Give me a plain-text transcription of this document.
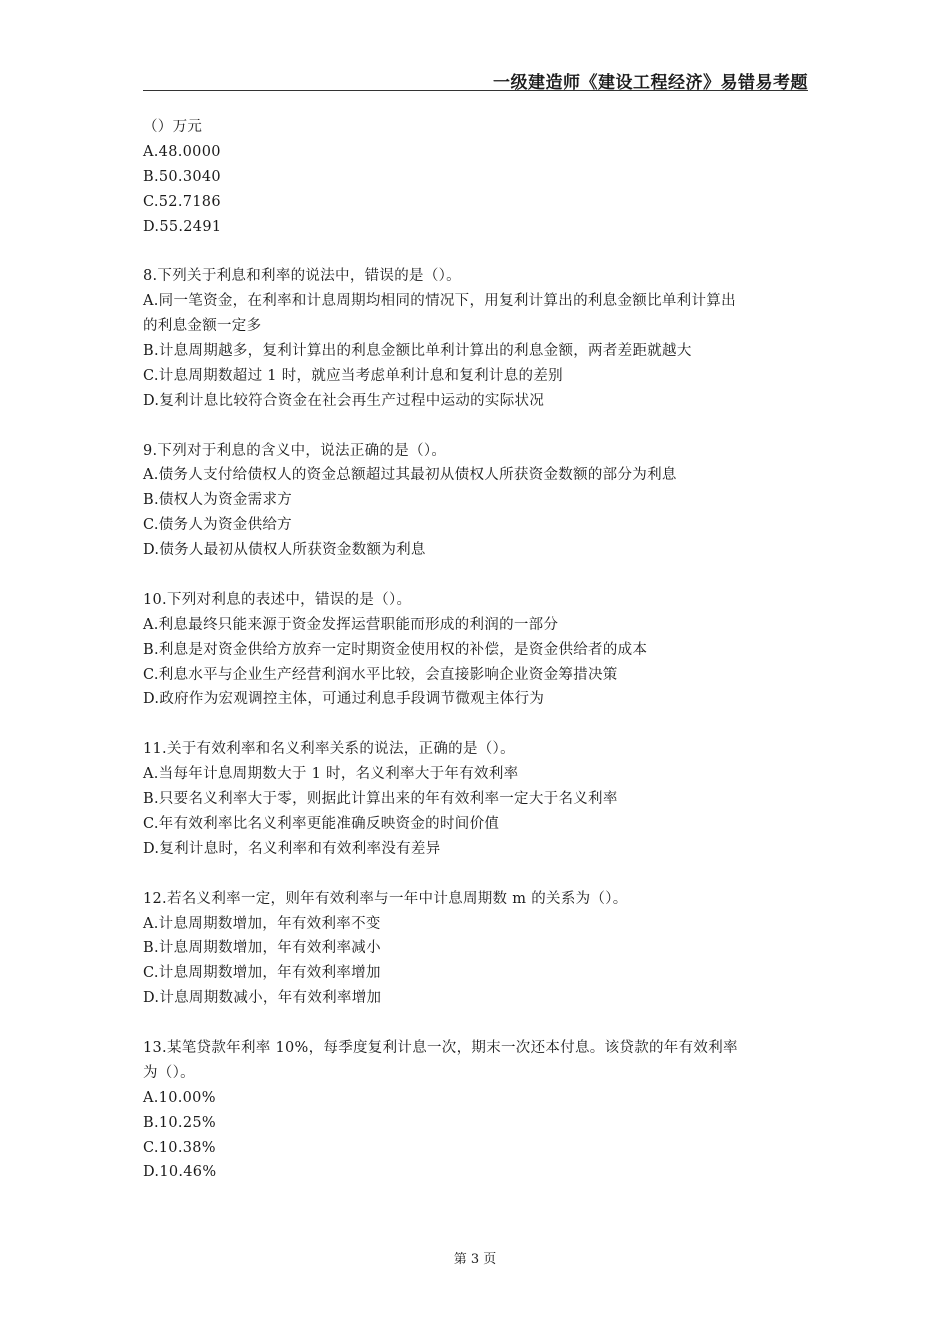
一级建造师《建设工程经济》易错易考题
（）万元
A.48.0000
B.50.3040
C.52.7186
D.55.2491
8.下列关于利息和利率的说法中，错误的是（）。
A.同一笔资金，在利率和计息周期均相同的情况下，用复利计算出的利息金额比单利计算出
的利息金额一定多
B.计息周期越多，复利计算出的利息金额比单利计算出的利息金额，两者差距就越大
C.计息周期数超过 1 时，就应当考虑单利计息和复利计息的差别
D.复利计息比较符合资金在社会再生产过程中运动的实际状况
9.下列对于利息的含义中，说法正确的是（）。
A.债务人支付给债权人的资金总额超过其最初从债权人所获资金数额的部分为利息
B.债权人为资金需求方
C.债务人为资金供给方
D.债务人最初从债权人所获资金数额为利息
10.下列对利息的表述中，错误的是（）。
A.利息最终只能来源于资金发挥运营职能而形成的利润的一部分
B.利息是对资金供给方放弃一定时期资金使用权的补偿，是资金供给者的成本
C.利息水平与企业生产经营利润水平比较，会直接影响企业资金筹措决策
D.政府作为宏观调控主体，可通过利息手段调节微观主体行为
11.关于有效利率和名义利率关系的说法，正确的是（）。
A.当每年计息周期数大于 1 时，名义利率大于年有效利率
B.只要名义利率大于零，则据此计算出来的年有效利率一定大于名义利率
C.年有效利率比名义利率更能准确反映资金的时间价值
D.复利计息时，名义利率和有效利率没有差异
12.若名义利率一定，则年有效利率与一年中计息周期数 m 的关系为（）。
A.计息周期数增加，年有效利率不变
B.计息周期数增加，年有效利率减小
C.计息周期数增加，年有效利率增加
D.计息周期数减小，年有效利率增加
13.某笔贷款年利率 10%，每季度复利计息一次，期末一次还本付息。该贷款的年有效利率
为（）。
A.10.00%
B.10.25%
C.10.38%
D.10.46%
第 3 页
